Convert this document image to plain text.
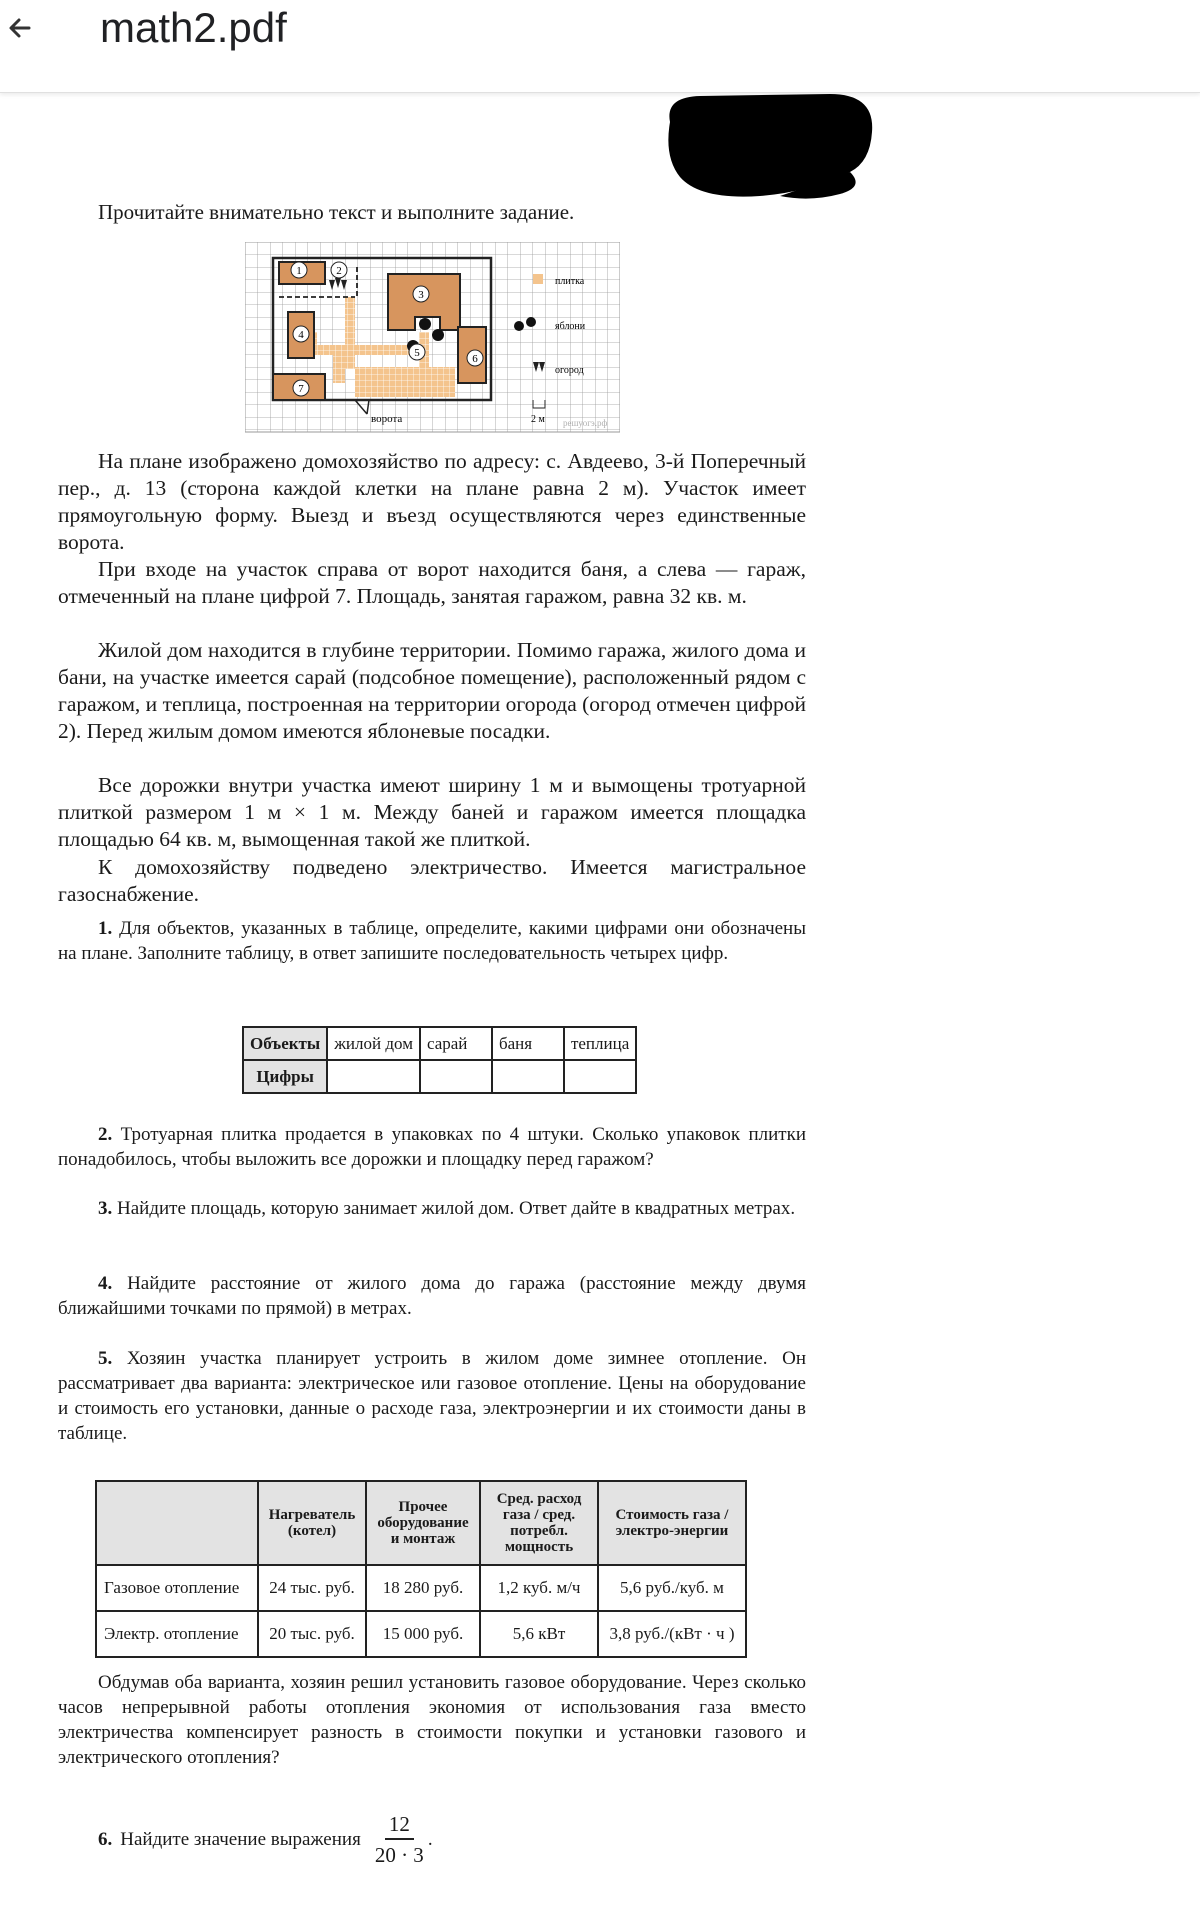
math2.pdf
Прочитайте внимательно текст и выполните задание.
1	2
3
4
5	6
7
ворота
плитка
яблони
огород
2 м решуогэ.рф

На плане изображено домохозяйство по адресу: с. Авдеево, 3-й Поперечный пер., д. 13 (сторона каждой клетки на плане равна 2 м). Участок имеет прямоугольную форму. Выезд и въезд осуществляются через единственные ворота.

При входе на участок справа от ворот находится баня, а слева — гараж, отмеченный на плане цифрой 7. Площадь, занятая гаражом, равна 32 кв. м.

Жилой дом находится в глубине территории. Помимо гаража, жилого дома и бани, на участке имеется сарай (подсобное помещение), расположенный рядом с гаражом, и теплица, построенная на территории огорода (огород отмечен цифрой 2). Перед жилым домом имеются яблоневые посадки.

Все дорожки внутри участка имеют ширину 1 м и вымощены тротуарной плиткой размером 1 м × 1 м. Между баней и гаражом имеется площадка площадью 64 кв. м, вымощенная такой же плиткой.

К домохозяйству подведено электричество. Имеется магистральное газоснабжение.

1. Для объектов, указанных в таблице, определите, какими цифрами они обозначены на плане. Заполните таблицу, в ответ запишите последовательность четырех цифр.

Объекты	жилой дом	сарай	баня	теплица
Цифры				

2. Тротуарная плитка продается в упаковках по 4 штуки. Сколько упаковок плитки понадобилось, чтобы выложить все дорожки и площадку перед гаражом?

3. Найдите площадь, которую занимает жилой дом. Ответ дайте в квадратных метрах.

4. Найдите расстояние от жилого дома до гаража (расстояние между двумя ближайшими точками по прямой) в метрах.

5. Хозяин участка планирует устроить в жилом доме зимнее отопление. Он рассматривает два варианта: электрическое или газовое отопление. Цены на оборудование и стоимость его установки, данные о расходе газа, электроэнергии и их стоимости даны в таблице.

	Нагреватель (котел)	Прочее оборудование и монтаж	Сред. расход газа / сред. потребл. мощность	Стоимость газа / электро-энергии
Газовое отопление	24 тыс. руб.	18 280 руб.	1,2 куб. м/ч	5,6 руб./куб. м
Электр. отопление	20 тыс. руб.	15 000 руб.	5,6 кВт	3,8 руб./(кВт · ч )

Обдумав оба варианта, хозяин решил установить газовое оборудование. Через сколько часов непрерывной работы отопления экономия от использования газа вместо электричества компенсирует разность в стоимости покупки и установки газового и электрического отопления?

6. Найдите значение выражения $\frac{12}{20 \cdot 3}$ .
